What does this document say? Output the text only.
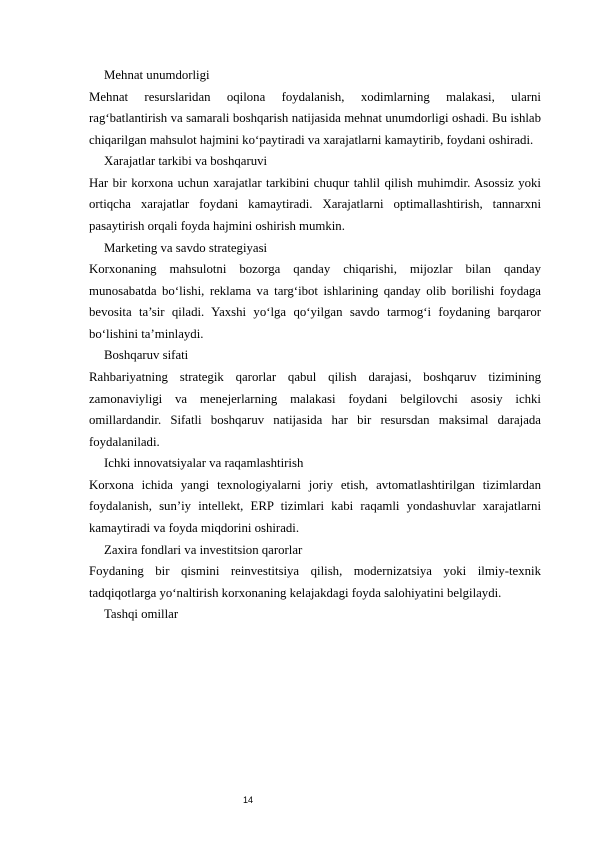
Mehnat unumdorligi

Mehnat resurslaridan oqilona foydalanish, xodimlarning malakasi, ularni rag‘batlantirish va samarali boshqarish natijasida mehnat unumdorligi oshadi. Bu ishlab chiqarilgan mahsulot hajmini ko‘paytiradi va xarajatlarni kamaytirib, foydani oshiradi.

Xarajatlar tarkibi va boshqaruvi

Har bir korxona uchun xarajatlar tarkibini chuqur tahlil qilish muhimdir. Asossiz yoki ortiqcha xarajatlar foydani kamaytiradi. Xarajatlarni optimallashtirish, tannarxni pasaytirish orqali foyda hajmini oshirish mumkin.

Marketing va savdo strategiyasi

Korxonaning mahsulotni bozorga qanday chiqarishi, mijozlar bilan qanday munosabatda bo‘lishi, reklama va targ‘ibot ishlarining qanday olib borilishi foydaga bevosita ta’sir qiladi. Yaxshi yo‘lga qo‘yilgan savdo tarmog‘i foydaning barqaror bo‘lishini ta’minlaydi.

Boshqaruv sifati

Rahbariyatning strategik qarorlar qabul qilish darajasi, boshqaruv tizimining zamonaviyligi va menejerlarning malakasi foydani belgilovchi asosiy ichki omillardandir. Sifatli boshqaruv natijasida har bir resursdan maksimal darajada foydalaniladi.

Ichki innovatsiyalar va raqamlashtirish

Korxona ichida yangi texnologiyalarni joriy etish, avtomatlashtirilgan tizimlardan foydalanish, sun’iy intellekt, ERP tizimlari kabi raqamli yondashuvlar xarajatlarni kamaytiradi va foyda miqdorini oshiradi.

Zaxira fondlari va investitsion qarorlar

Foydaning bir qismini reinvestitsiya qilish, modernizatsiya yoki ilmiy-texnik tadqiqotlarga yo‘naltirish korxonaning kelajakdagi foyda salohiyatini belgilaydi.

Tashqi omillar

14
